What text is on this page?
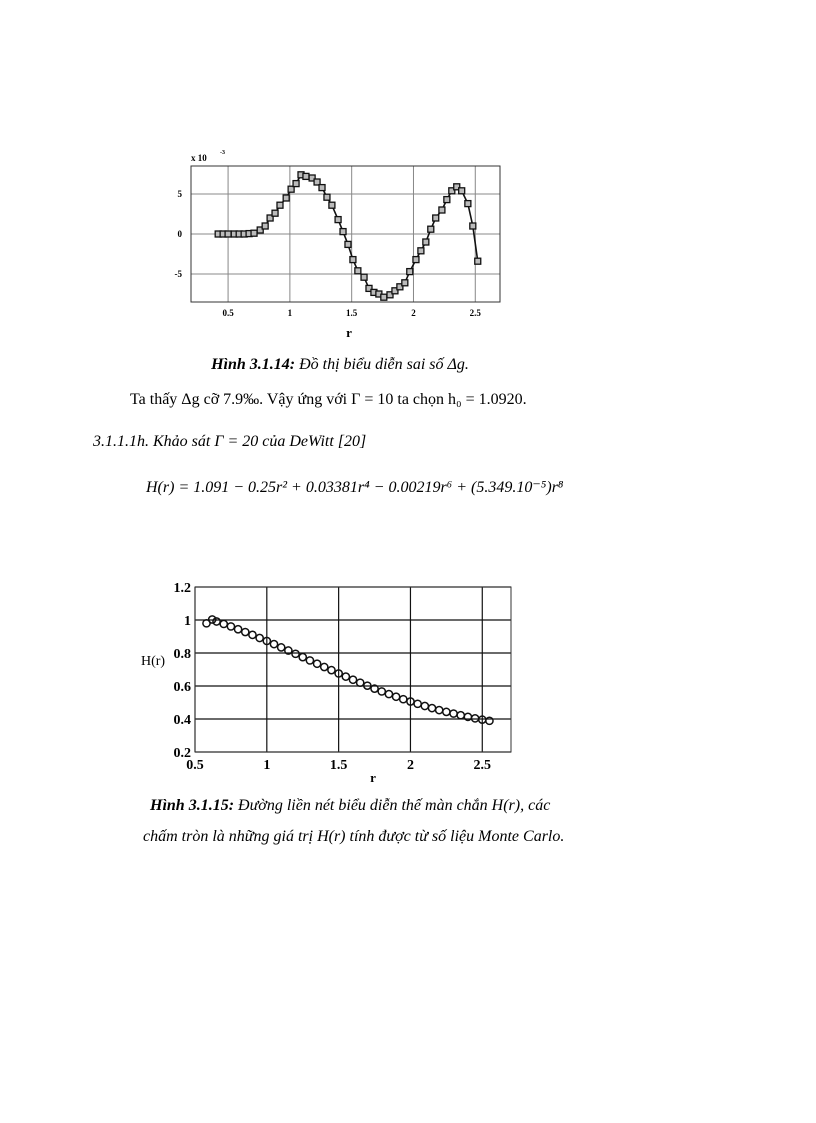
0.5	1	1.5	2	2.5
5
0
-5
x 10 -3
r
Hình 3.1.14: Đồ thị biểu diễn sai số Δg.
Ta thấy Δg cỡ 7.9‰. Vậy ứng với Γ = 10 ta chọn h₀ = 1.0920.
3.1.1.1h. Khảo sát Γ = 20 của DeWitt [20]
H(r) = 1.091 − 0.25r² + 0.03381r⁴ − 0.00219r⁶ + (5.349.10⁻⁵)r⁸
0.5	1	1.5	2	2.5
1.2
1
0.8
0.6
0.4
0.2
H(r)
r
Hình 3.1.15: Đường liền nét biểu diễn thế màn chắn H(r), các
chấm tròn là những giá trị H(r) tính được từ số liệu Monte Carlo.
